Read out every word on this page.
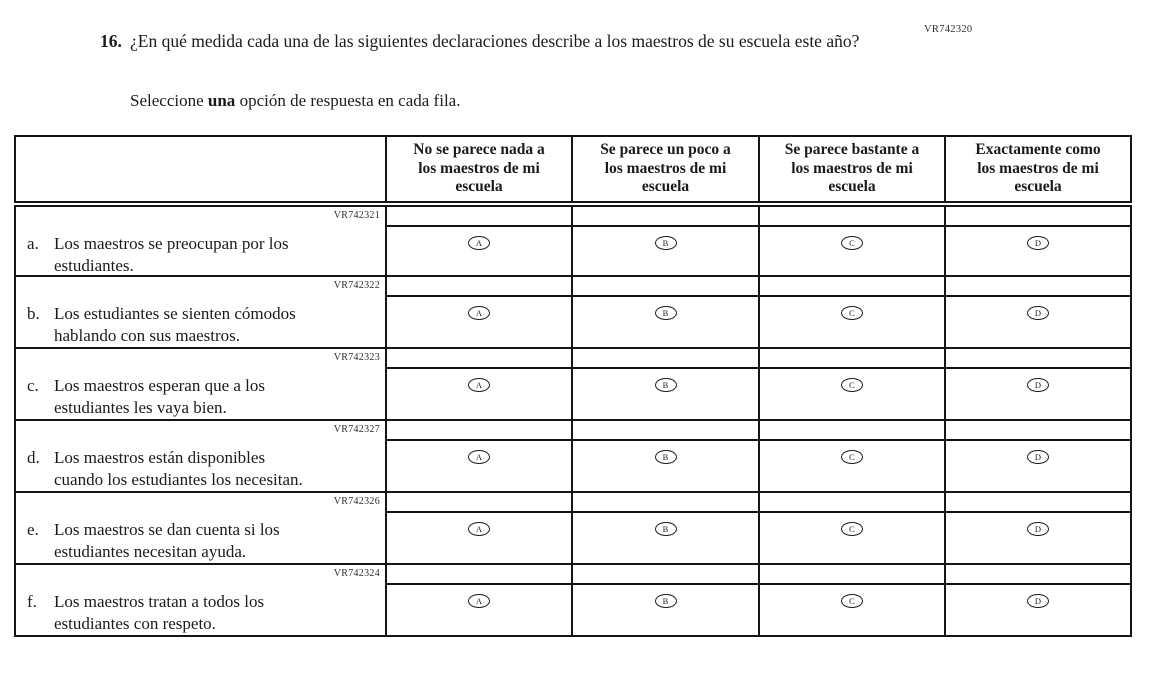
VR742320
16. ¿En qué medida cada una de las siguientes declaraciones describe a los maestros de su escuela este año?
Seleccione una opción de respuesta en cada fila.

	No se parece nada a
los maestros de mi
escuela	Se parece un poco a
los maestros de mi
escuela	Se parece bastante a
los maestros de mi
escuela	Exactamente como
los maestros de mi
escuela

VR742321
a. Los maestros se preocupan por los
estudiantes.	A	B	C	D

VR742322
b. Los estudiantes se sienten cómodos
hablando con sus maestros.	A	B	C	D

VR742323
c. Los maestros esperan que a los
estudiantes les vaya bien.	A	B	C	D

VR742327
d. Los maestros están disponibles
cuando los estudiantes los necesitan.	A	B	C	D

VR742326
e. Los maestros se dan cuenta si los
estudiantes necesitan ayuda.	A	B	C	D

VR742324
f. Los maestros tratan a todos los
estudiantes con respeto.	A	B	C	D
